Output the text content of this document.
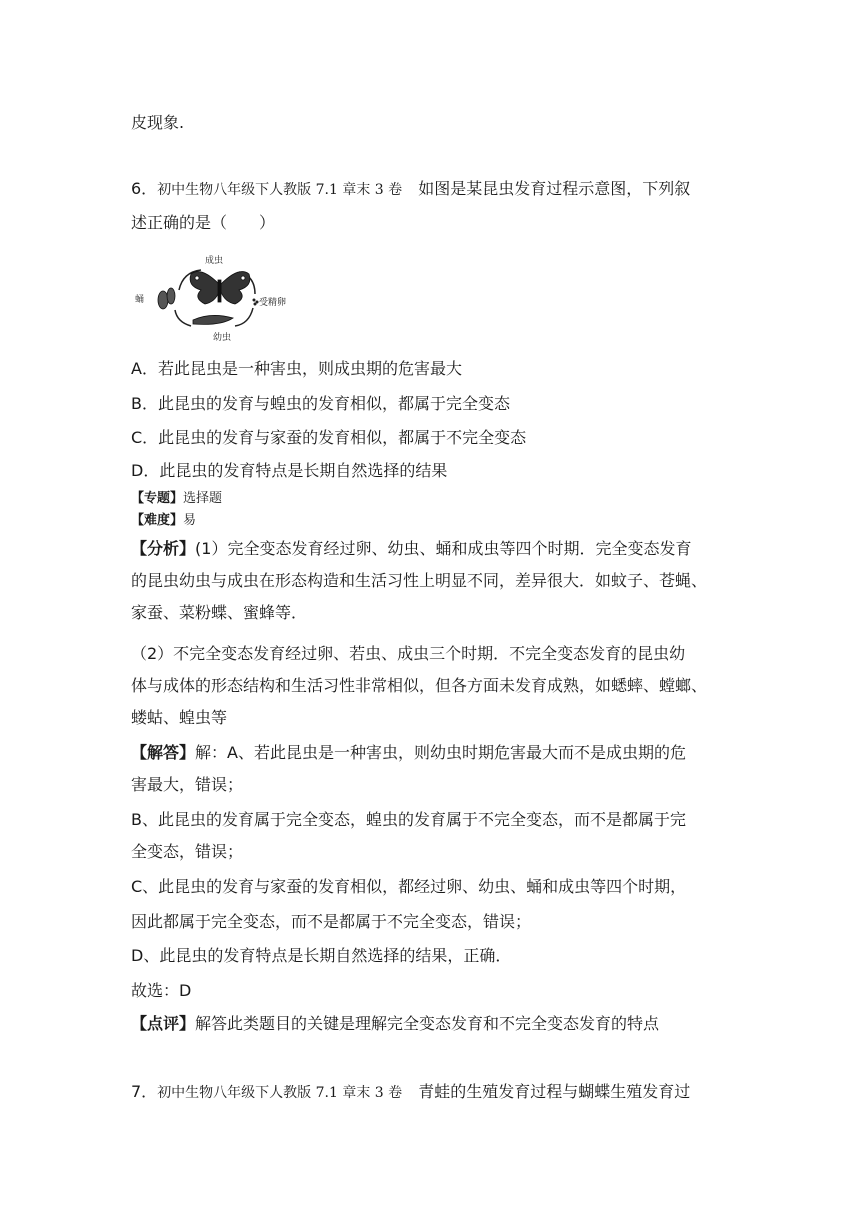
皮现象.
6．初中生物八年级下人教版 7.1 章末 3 卷　 如图是某昆虫发育过程示意图，下列叙
述正确的是（　　）
成虫
蛹	受精卵
幼虫
A．若此昆虫是一种害虫，则成虫期的危害最大
B．此昆虫的发育与蝗虫的发育相似，都属于完全变态
C．此昆虫的发育与家蚕的发育相似，都属于不完全变态
D．此昆虫的发育特点是长期自然选择的结果
【专题】选择题
【难度】易
【分析】(1）完全变态发育经过卵、幼虫、蛹和成虫等四个时期．完全变态发育
的昆虫幼虫与成虫在形态构造和生活习性上明显不同，差异很大．如蚊子、苍蝇、
家蚕、菜粉蝶、蜜蜂等．
（2）不完全变态发育经过卵、若虫、成虫三个时期．不完全变态发育的昆虫幼
体与成体的形态结构和生活习性非常相似，但各方面未发育成熟，如蟋蟀、螳螂、
蝼蛄、蝗虫等
【解答】解：A、若此昆虫是一种害虫，则幼虫时期危害最大而不是成虫期的危
害最大，错误；
B、此昆虫的发育属于完全变态，蝗虫的发育属于不完全变态，而不是都属于完
全变态，错误；
C、此昆虫的发育与家蚕的发育相似，都经过卵、幼虫、蛹和成虫等四个时期，
因此都属于完全变态，而不是都属于不完全变态，错误；
D、此昆虫的发育特点是长期自然选择的结果，正确．
故选：D
【点评】解答此类题目的关键是理解完全变态发育和不完全变态发育的特点
7．初中生物八年级下人教版 7.1 章末 3 卷　 青蛙的生殖发育过程与蝴蝶生殖发育过
